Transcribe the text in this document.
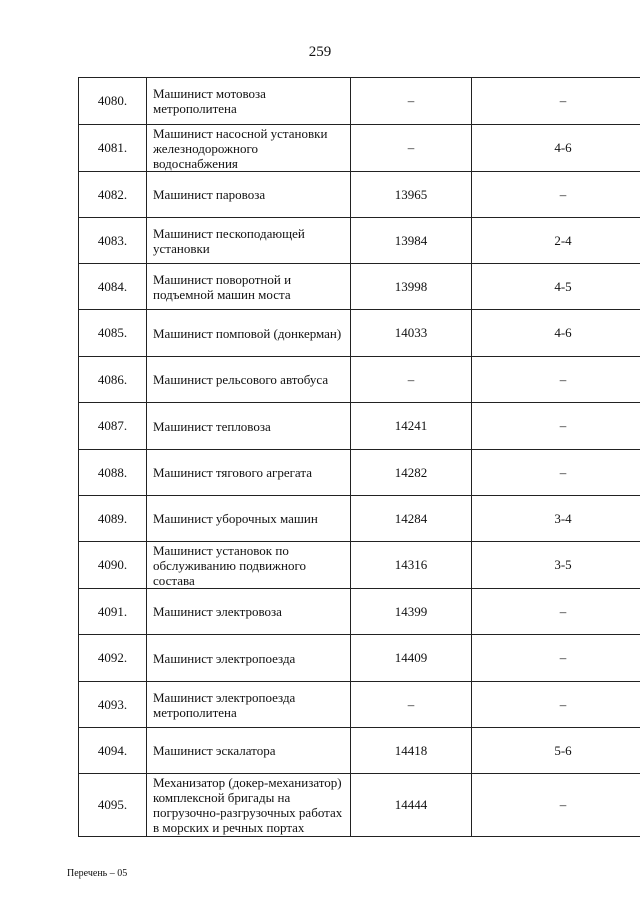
259
4080.	Машинист мотовоза метрополитена	–	–
4081.	Машинист насосной установки железнодорожного водоснабжения	–	4-6
4082.	Машинист паровоза	13965	–
4083.	Машинист пескоподающей установки	13984	2-4
4084.	Машинист поворотной и подъемной машин моста	13998	4-5
4085.	Машинист помповой (донкерман)	14033	4-6
4086.	Машинист рельсового автобуса	–	–
4087.	Машинист тепловоза	14241	–
4088.	Машинист тягового агрегата	14282	–
4089.	Машинист уборочных машин	14284	3-4
4090.	Машинист установок по обслуживанию подвижного состава	14316	3-5
4091.	Машинист электровоза	14399	–
4092.	Машинист электропоезда	14409	–
4093.	Машинист электропоезда метрополитена	–	–
4094.	Машинист эскалатора	14418	5-6
4095.	Механизатор (докер-механизатор) комплексной бригады на погрузочно-разгрузочных работах в морских и речных портах	14444	–
Перечень – 05
